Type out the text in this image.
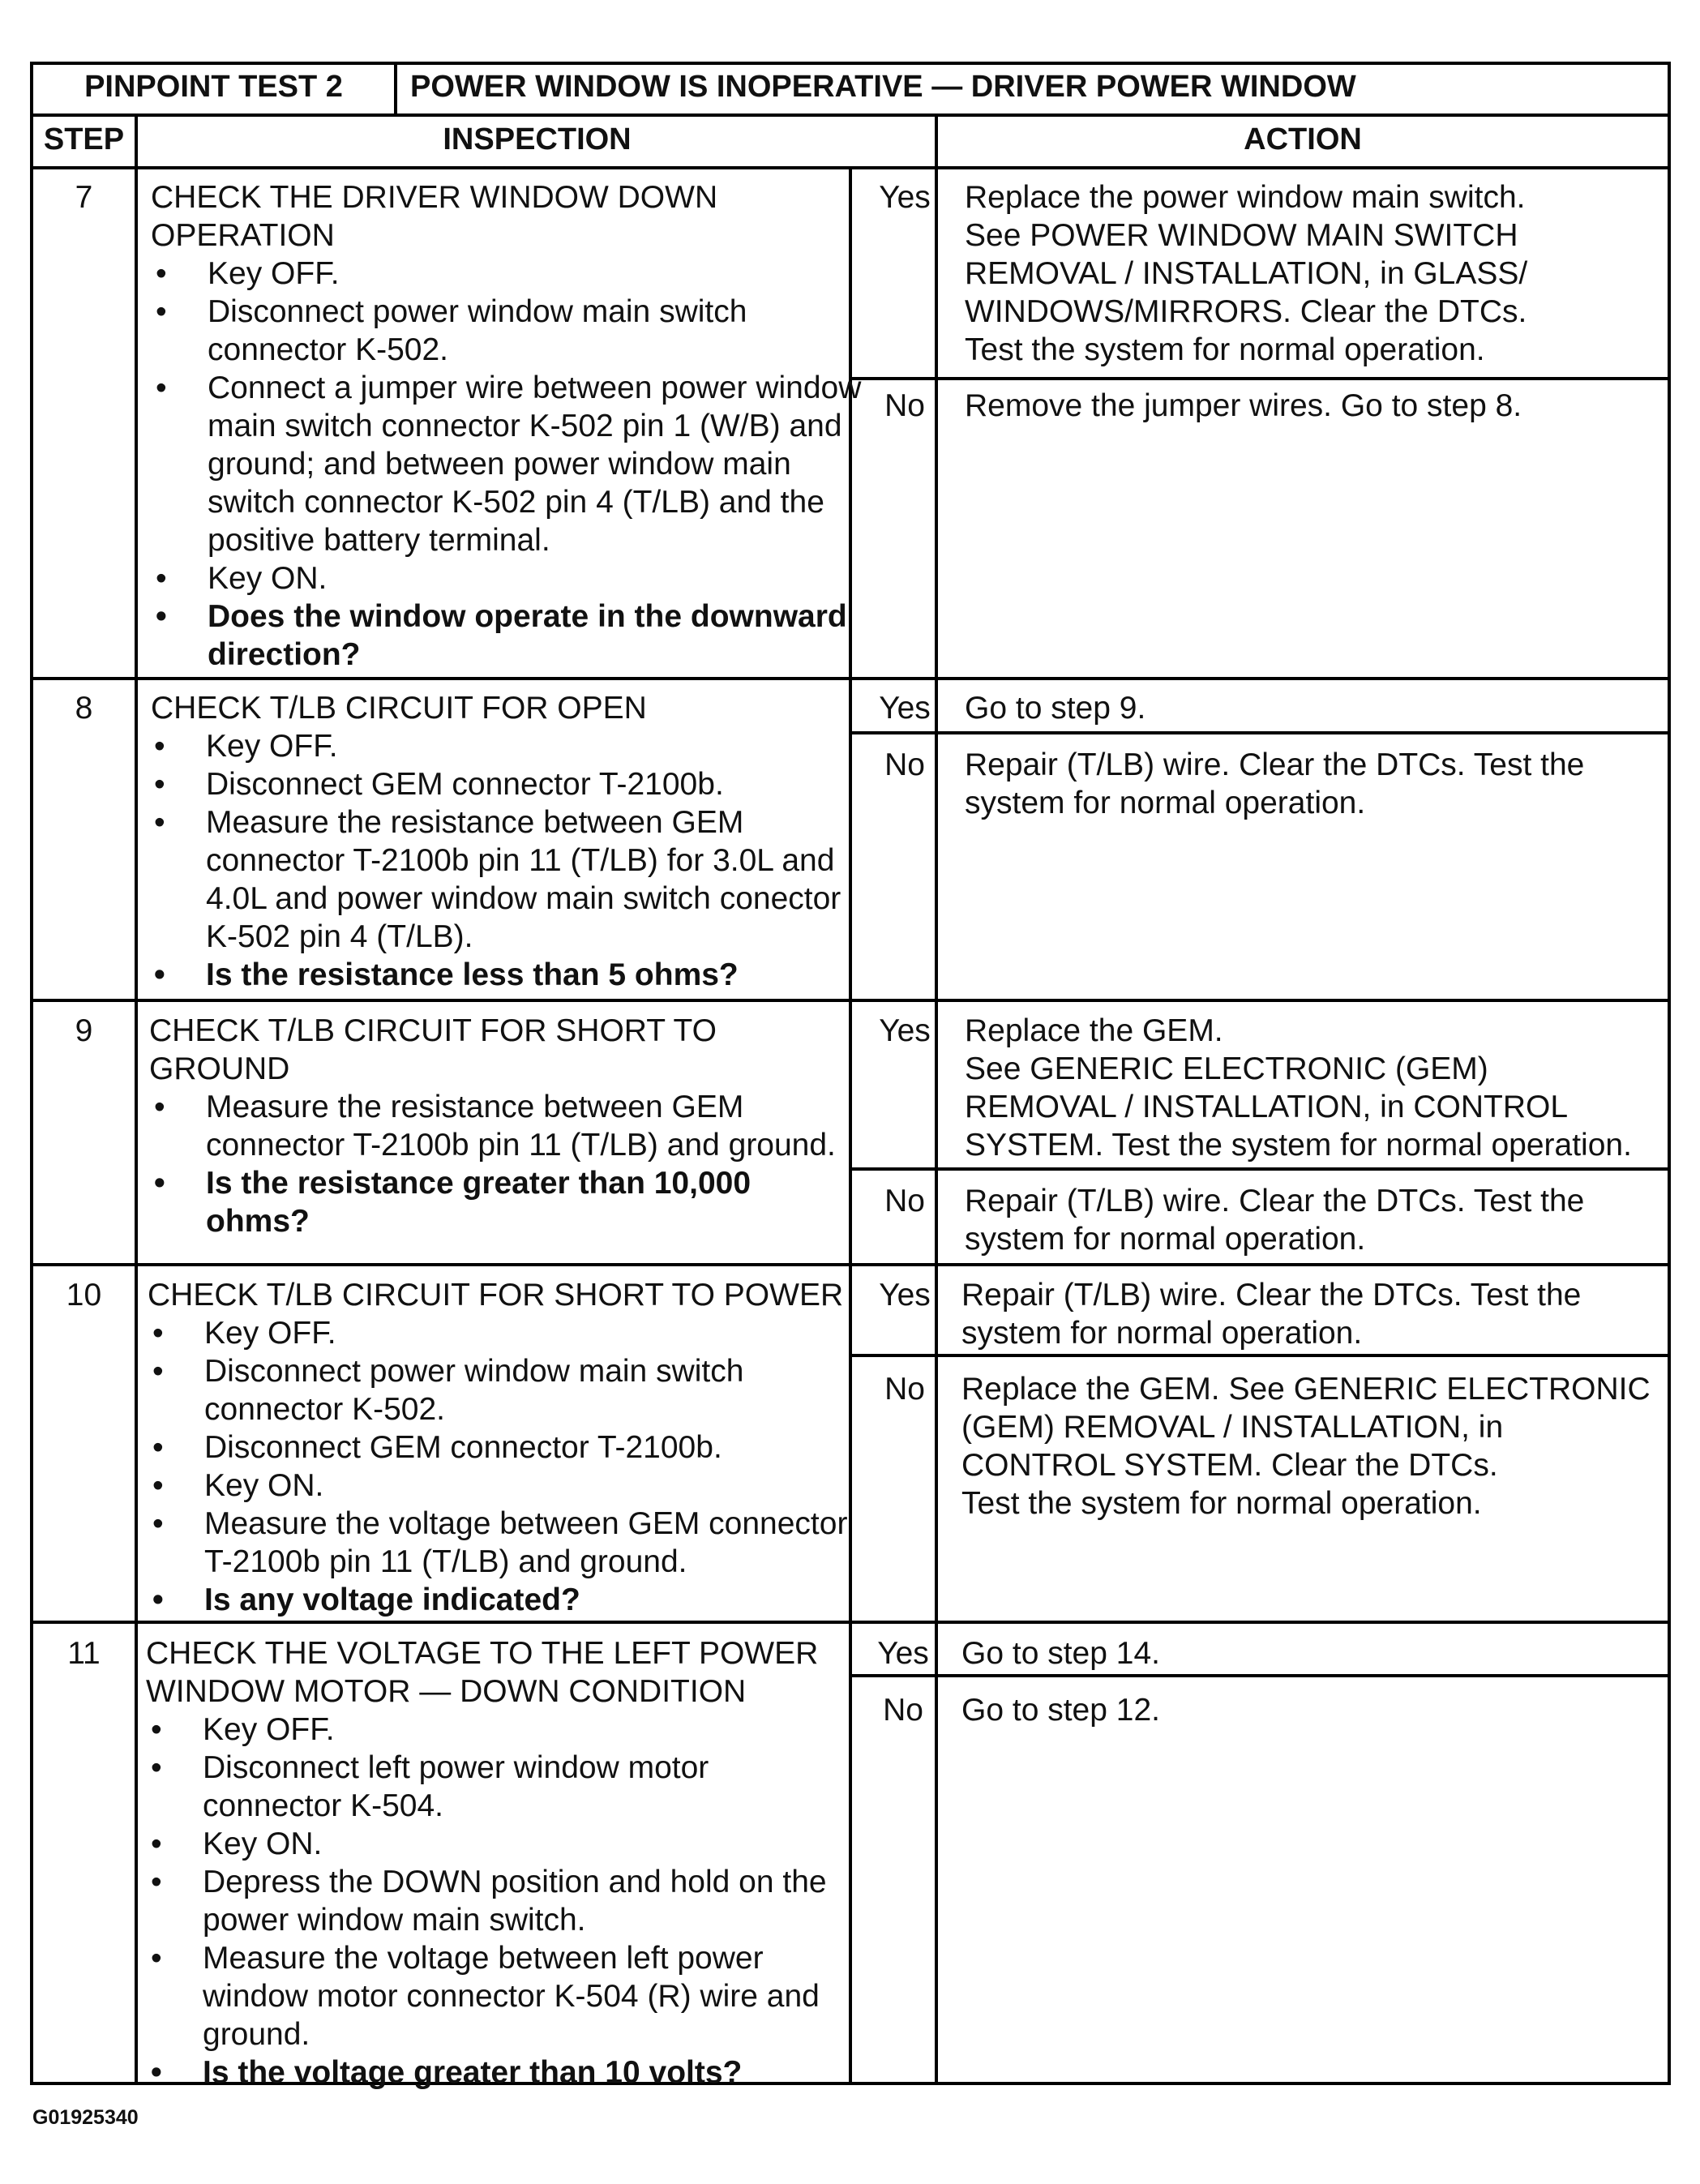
PINPOINT TEST 2	POWER WINDOW IS INOPERATIVE — DRIVER POWER WINDOW
STEP	INSPECTION	ACTION
7	CHECK THE DRIVER WINDOW DOWN
OPERATION
• Key OFF.
• Disconnect power window main switch connector K-502.
• Connect a jumper wire between power window main switch connector K-502 pin 1 (W/B) and ground; and between power window main switch connector K-502 pin 4 (T/LB) and the positive battery terminal.
• Key ON.
• Does the window operate in the downward direction?
Yes	Replace the power window main switch.
See POWER WINDOW MAIN SWITCH
REMOVAL / INSTALLATION, in GLASS/
WINDOWS/MIRRORS. Clear the DTCs.
Test the system for normal operation.
No	Remove the jumper wires. Go to step 8.
8	CHECK T/LB CIRCUIT FOR OPEN
• Key OFF.
• Disconnect GEM connector T-2100b.
• Measure the resistance between GEM connector T-2100b pin 11 (T/LB) for 3.0L and 4.0L and power window main switch conector K-502 pin 4 (T/LB).
• Is the resistance less than 5 ohms?
Yes	Go to step 9.
No	Repair (T/LB) wire. Clear the DTCs. Test the
system for normal operation.
9	CHECK T/LB CIRCUIT FOR SHORT TO
GROUND
• Measure the resistance between GEM connector T-2100b pin 11 (T/LB) and ground.
• Is the resistance greater than 10,000 ohms?
Yes	Replace the GEM.
See GENERIC ELECTRONIC (GEM)
REMOVAL / INSTALLATION, in CONTROL
SYSTEM. Test the system for normal operation.
No	Repair (T/LB) wire. Clear the DTCs. Test the
system for normal operation.
10	CHECK T/LB CIRCUIT FOR SHORT TO POWER
• Key OFF.
• Disconnect power window main switch connector K-502.
• Disconnect GEM connector T-2100b.
• Key ON.
• Measure the voltage between GEM connector T-2100b pin 11 (T/LB) and ground.
• Is any voltage indicated?
Yes Repair (T/LB) wire. Clear the DTCs. Test the
system for normal operation.
No	Replace the GEM. See GENERIC ELECTRONIC
(GEM) REMOVAL / INSTALLATION, in
CONTROL SYSTEM. Clear the DTCs.
Test the system for normal operation.
11	CHECK THE VOLTAGE TO THE LEFT POWER
WINDOW MOTOR — DOWN CONDITION
• Key OFF.
• Disconnect left power window motor connector K-504.
• Key ON.
• Depress the DOWN position and hold on the power window main switch.
• Measure the voltage between left power window motor connector K-504 (R) wire and ground.
• Is the voltage greater than 10 volts?
Yes	Go to step 14.
No	Go to step 12.
G01925340
